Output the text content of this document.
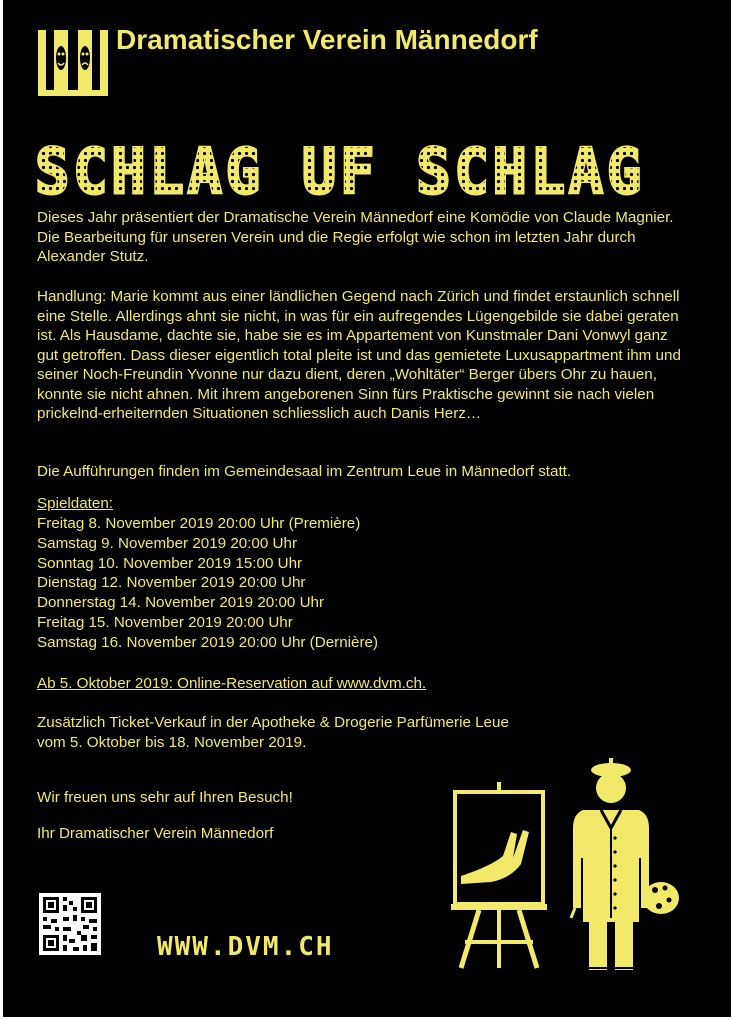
Dramatischer Verein Männedorf
SCHLAG UF SCHLAG

Dieses Jahr präsentiert der Dramatische Verein Männedorf eine Komödie von Claude Magnier. Die Bearbeitung für unseren Verein und die Regie erfolgt wie schon im letzten Jahr durch Alexander Stutz.

Handlung: Marie kommt aus einer ländlichen Gegend nach Zürich und findet erstaunlich schnell eine Stelle. Allerdings ahnt sie nicht, in was für ein aufregendes Lügengebilde sie dabei geraten ist. Als Hausdame, dachte sie, habe sie es im Appartement von Kunstmaler Dani Vonwyl ganz gut getroffen. Dass dieser eigentlich total pleite ist und das gemietete Luxusappartment ihm und seiner Noch-Freundin Yvonne nur dazu dient, deren „Wohltäter“ Berger übers Ohr zu hauen, konnte sie nicht ahnen. Mit ihrem angeborenen Sinn fürs Praktische gewinnt sie nach vielen prickelnd-erheiternden Situationen schliesslich auch Danis Herz…

Die Aufführungen finden im Gemeindesaal im Zentrum Leue in Männedorf statt.

Spieldaten:

Freitag 8. November 2019 20:00 Uhr (Première)
Samstag 9. November 2019 20:00 Uhr
Sonntag 10. November 2019 15:00 Uhr
Dienstag 12. November 2019 20:00 Uhr
Donnerstag 14. November 2019 20:00 Uhr
Freitag 15. November 2019 20:00 Uhr
Samstag 16. November 2019 20:00 Uhr (Dernière)

Ab 5. Oktober 2019: Online-Reservation auf www.dvm.ch.

Zusätzlich Ticket-Verkauf in der Apotheke & Drogerie Parfümerie Leue

vom 5. Oktober bis 18. November 2019.

Wir freuen uns sehr auf Ihren Besuch!

Ihr Dramatischer Verein Männedorf

WWW.DVM.CH
